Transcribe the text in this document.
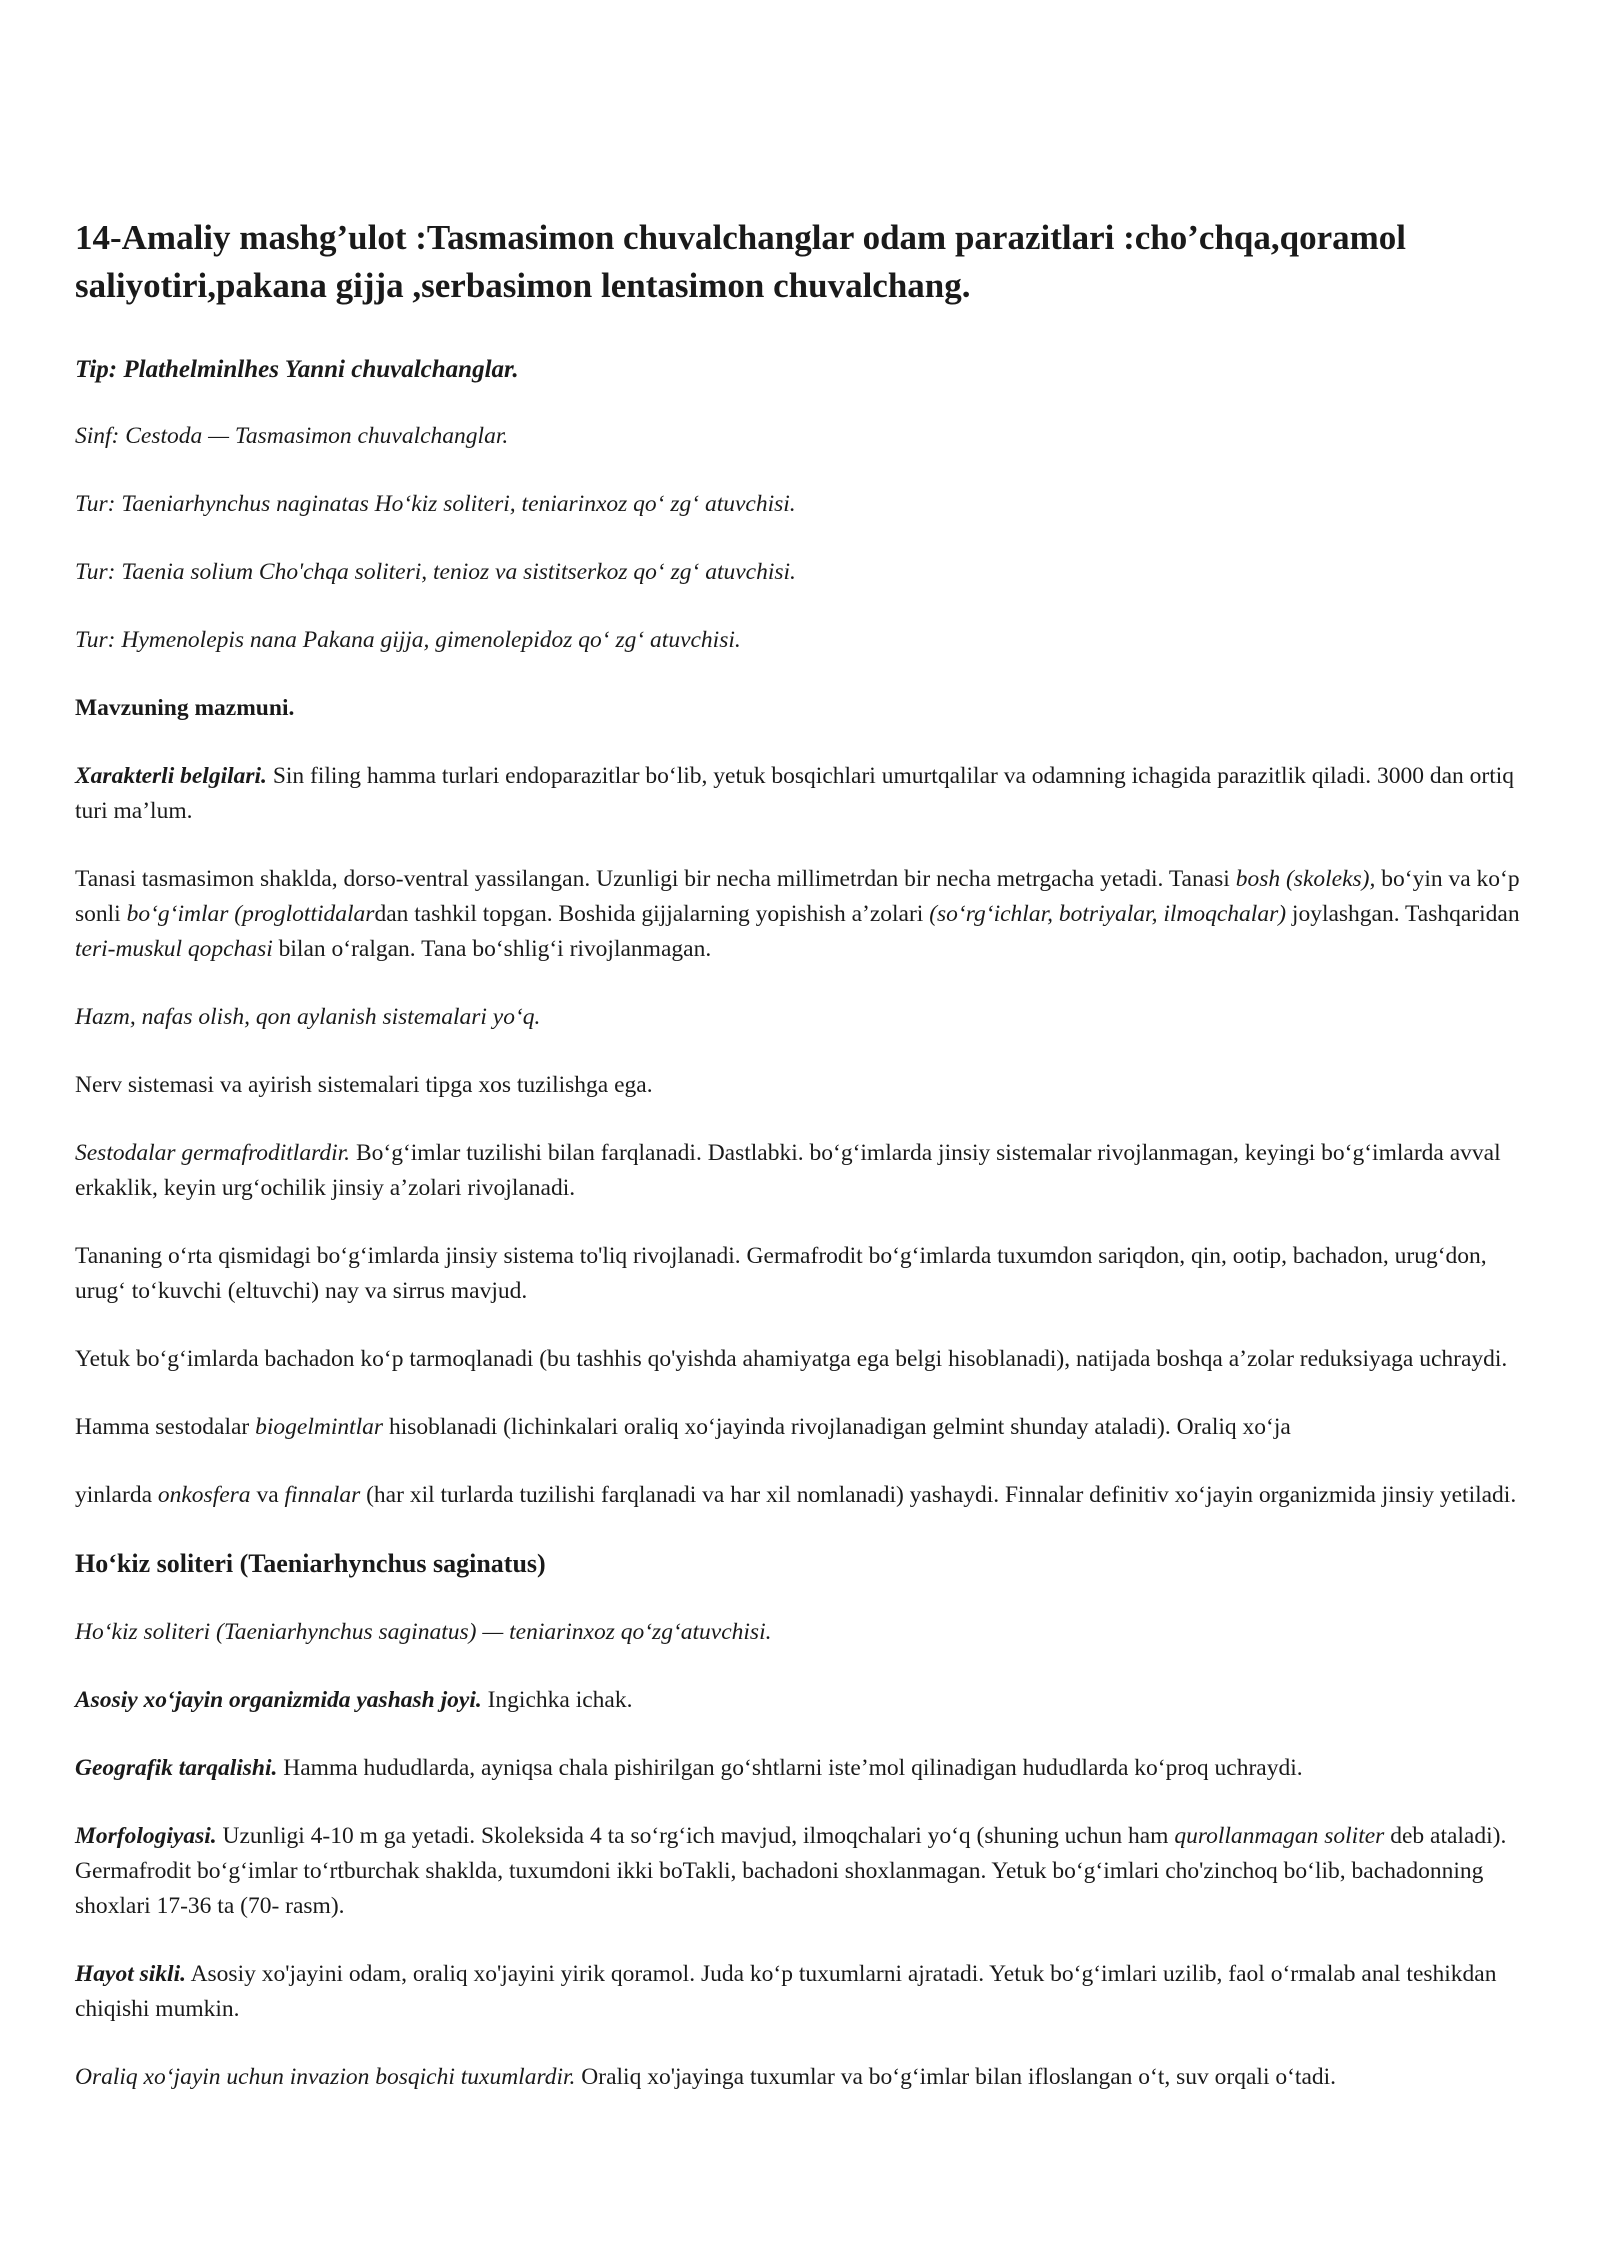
14-Amaliy mashg’ulot :Tasmasimon chuvalchanglar odam parazitlari :cho’chqa,qoramol saliyotiri,pakana gijja ,serbasimon lentasimon chuvalchang.

Tip: Plathelminlhes Yanni chuvalchanglar.

Sinf: Cestoda — Tasmasimon chuvalchanglar.

Tur: Taeniarhynchus naginatas Ho‘kiz soliteri, teniarinxoz qo‘ zg‘ atuvchisi.

Tur: Taenia solium Cho'chqa soliteri, tenioz va sistitserkoz qo‘ zg‘ atuvchisi.

Tur: Hymenolepis nana Pakana gijja, gimenolepidoz qo‘ zg‘ atuvchisi.

Mavzuning mazmuni.

Xarakterli belgilari. Sin filing hamma turlari endoparazitlar bo‘lib, yetuk bosqichlari umurtqalilar va odamning ichagida parazitlik qiladi. 3000 dan ortiq turi ma’lum.

Tanasi tasmasimon shaklda, dorso-ventral yassilangan. Uzunligi bir necha millimetrdan bir necha metrgacha yetadi. Tanasi bosh (skoleks), bo‘yin va ko‘p sonli bo‘g‘imlar (proglottidalardan tashkil topgan. Boshida gijjalarning yopishish a’zolari (so‘rg‘ichlar, botriyalar, ilmoqchalar) joylashgan. Tashqaridan teri-muskul qopchasi bilan o‘ralgan. Tana bo‘shlig‘i rivojlanmagan.

Hazm, nafas olish, qon aylanish sistemalari yo‘q.

Nerv sistemasi va ayirish sistemalari tipga xos tuzilishga ega.

Sestodalar germafroditlardir. Bo‘g‘imlar tuzilishi bilan farqlanadi. Dastlabki. bo‘g‘imlarda jinsiy sistemalar rivojlanmagan, keyingi bo‘g‘imlarda avval erkaklik, keyin urg‘ochilik jinsiy a’zolari rivojlanadi.

Tananing o‘rta qismidagi bo‘g‘imlarda jinsiy sistema to'liq rivojlanadi. Germafrodit bo‘g‘imlarda tuxumdon sariqdon, qin, ootip, bachadon, urug‘don, urug‘ to‘kuvchi (eltuvchi) nay va sirrus mavjud.

Yetuk bo‘g‘imlarda bachadon ko‘p tarmoqlanadi (bu tashhis qo'yishda ahamiyatga ega belgi hisoblanadi), natijada boshqa a’zolar reduksiyaga uchraydi.

Hamma sestodalar biogelmintlar hisoblanadi (lichinkalari oraliq xo‘jayinda rivojlanadigan gelmint shunday ataladi). Oraliq xo‘ja

yinlarda onkosfera va finnalar (har xil turlarda tuzilishi farqlanadi va har xil nomlanadi) yashaydi. Finnalar definitiv xo‘jayin organizmida jinsiy yetiladi.

Ho‘kiz soliteri (Taeniarhynchus saginatus)

Ho‘kiz soliteri (Taeniarhynchus saginatus) — teniarinxoz qo‘zg‘atuvchisi.

Asosiy xo‘jayin organizmida yashash joyi. Ingichka ichak.

Geografik tarqalishi. Hamma hududlarda, ayniqsa chala pishirilgan go‘shtlarni iste’mol qilinadigan hududlarda ko‘proq uchraydi.

Morfologiyasi. Uzunligi 4-10 m ga yetadi. Skoleksida 4 ta so‘rg‘ich mavjud, ilmoqchalari yo‘q (shuning uchun ham qurollanmagan soliter deb ataladi). Germafrodit bo‘g‘imlar to‘rtburchak shaklda, tuxumdoni ikki boTakli, bachadoni shoxlanmagan. Yetuk bo‘g‘imlari cho'zinchoq bo‘lib, bachadonning shoxlari 17-36 ta (70- rasm).

Hayot sikli. Asosiy xo'jayini odam, oraliq xo'jayini yirik qoramol. Juda ko‘p tuxumlarni ajratadi. Yetuk bo‘g‘imlari uzilib, faol o‘rmalab anal teshikdan chiqishi mumkin.

Oraliq xo‘jayin uchun invazion bosqichi tuxumlardir. Oraliq xo'jayinga tuxumlar va bo‘g‘imlar bilan ifloslangan o‘t, suv orqali o‘tadi.
